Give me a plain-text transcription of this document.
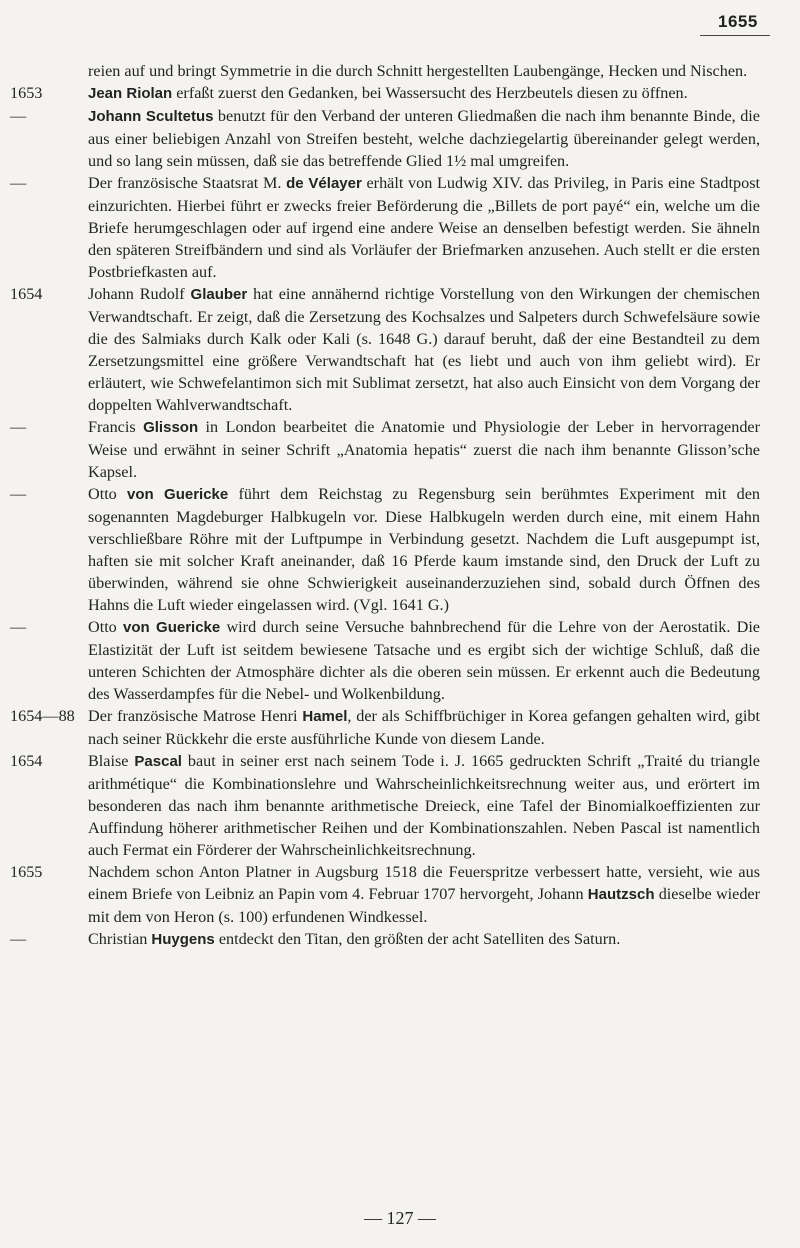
1655
reien auf und bringt Symmetrie in die durch Schnitt hergestellten Laubengänge, Hecken und Nischen.
1653	Jean Riolan erfaßt zuerst den Gedanken, bei Wassersucht des Herzbeutels diesen zu öffnen.
—	Johann Scultetus benutzt für den Verband der unteren Gliedmaßen die nach ihm benannte Binde, die aus einer beliebigen Anzahl von Streifen besteht, welche dachziegelartig übereinander gelegt werden, und so lang sein müssen, daß sie das betreffende Glied 1½ mal umgreifen.
—	Der französische Staatsrat M. de Vélayer erhält von Ludwig XIV. das Privileg, in Paris eine Stadtpost einzurichten. Hierbei führt er zwecks freier Beförderung die „Billets de port payé“ ein, welche um die Briefe herumgeschlagen oder auf irgend eine andere Weise an denselben befestigt werden. Sie ähneln den späteren Streifbändern und sind als Vorläufer der Briefmarken anzusehen. Auch stellt er die ersten Postbriefkasten auf.
1654	Johann Rudolf Glauber hat eine annähernd richtige Vorstellung von den Wirkungen der chemischen Verwandtschaft. Er zeigt, daß die Zersetzung des Kochsalzes und Salpeters durch Schwefelsäure sowie die des Salmiaks durch Kalk oder Kali (s. 1648 G.) darauf beruht, daß der eine Bestandteil zu dem Zersetzungsmittel eine größere Verwandtschaft hat (es liebt und auch von ihm geliebt wird). Er erläutert, wie Schwefelantimon sich mit Sublimat zersetzt, hat also auch Einsicht von dem Vorgang der doppelten Wahlverwandtschaft.
—	Francis Glisson in London bearbeitet die Anatomie und Physiologie der Leber in hervorragender Weise und erwähnt in seiner Schrift „Anatomia hepatis“ zuerst die nach ihm benannte Glisson’sche Kapsel.
—	Otto von Guericke führt dem Reichstag zu Regensburg sein berühmtes Experiment mit den sogenannten Magdeburger Halbkugeln vor. Diese Halbkugeln werden durch eine, mit einem Hahn verschließbare Röhre mit der Luftpumpe in Verbindung gesetzt. Nachdem die Luft ausgepumpt ist, haften sie mit solcher Kraft aneinander, daß 16 Pferde kaum imstande sind, den Druck der Luft zu überwinden, während sie ohne Schwierigkeit auseinanderzuziehen sind, sobald durch Öffnen des Hahns die Luft wieder eingelassen wird. (Vgl. 1641 G.)
—	Otto von Guericke wird durch seine Versuche bahnbrechend für die Lehre von der Aerostatik. Die Elastizität der Luft ist seitdem bewiesene Tatsache und es ergibt sich der wichtige Schluß, daß die unteren Schichten der Atmosphäre dichter als die oberen sein müssen. Er erkennt auch die Bedeutung des Wasserdampfes für die Nebel- und Wolkenbildung.
1654—88 Der französische Matrose Henri Hamel, der als Schiffbrüchiger in Korea gefangen gehalten wird, gibt nach seiner Rückkehr die erste ausführliche Kunde von diesem Lande.
1654	Blaise Pascal baut in seiner erst nach seinem Tode i. J. 1665 gedruckten Schrift „Traité du triangle arithmétique“ die Kombinationslehre und Wahrscheinlichkeitsrechnung weiter aus, und erörtert im besonderen das nach ihm benannte arithmetische Dreieck, eine Tafel der Binomialkoeffizienten zur Auffindung höherer arithmetischer Reihen und der Kombinationszahlen. Neben Pascal ist namentlich auch Fermat ein Förderer der Wahrscheinlichkeitsrechnung.
1655	Nachdem schon Anton Platner in Augsburg 1518 die Feuerspritze verbessert hatte, versieht, wie aus einem Briefe von Leibniz an Papin vom 4. Februar 1707 hervorgeht, Johann Hautzsch dieselbe wieder mit dem von Heron (s. 100) erfundenen Windkessel.
—	Christian Huygens entdeckt den Titan, den größten der acht Satelliten des Saturn.
— 127 —
